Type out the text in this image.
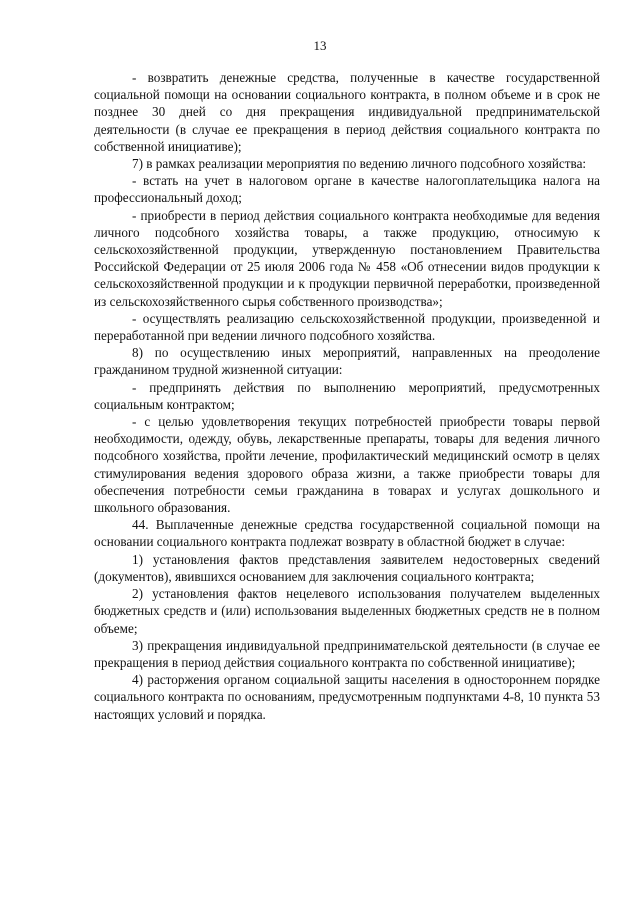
13

- возвратить денежные средства, полученные в качестве государственной социальной помощи на основании социального контракта, в полном объеме и в срок не позднее 30 дней со дня прекращения индивидуальной предпринимательской деятельности (в случае ее прекращения в период действия социального контракта по собственной инициативе);

7) в рамках реализации мероприятия по ведению личного подсобного хозяйства:

- встать на учет в налоговом органе в качестве налогоплательщика налога на профессиональный доход;

- приобрести в период действия социального контракта необходимые для ведения личного подсобного хозяйства товары, а также продукцию, относимую к сельскохозяйственной продукции, утвержденную постановлением Правительства Российской Федерации от 25 июля 2006 года № 458 «Об отнесении видов продукции к сельскохозяйственной продукции и к продукции первичной переработки, произведенной из сельскохозяйственного сырья собственного производства»;

- осуществлять реализацию сельскохозяйственной продукции, произведенной и переработанной при ведении личного подсобного хозяйства.

8) по осуществлению иных мероприятий, направленных на преодоление гражданином трудной жизненной ситуации:

- предпринять действия по выполнению мероприятий, предусмотренных социальным контрактом;

- с целью удовлетворения текущих потребностей приобрести товары первой необходимости, одежду, обувь, лекарственные препараты, товары для ведения личного подсобного хозяйства, пройти лечение, профилактический медицинский осмотр в целях стимулирования ведения здорового образа жизни, а также приобрести товары для обеспечения потребности семьи гражданина в товарах и услугах дошкольного и школьного образования.

44. Выплаченные денежные средства государственной социальной помощи на основании социального контракта подлежат возврату в областной бюджет в случае:

1) установления фактов представления заявителем недостоверных сведений (документов), явившихся основанием для заключения социального контракта;

2) установления фактов нецелевого использования получателем выделенных бюджетных средств и (или) использования выделенных бюджетных средств не в полном объеме;

3) прекращения индивидуальной предпринимательской деятельности (в случае ее прекращения в период действия социального контракта по собственной инициативе);

4) расторжения органом социальной защиты населения в одностороннем порядке социального контракта по основаниям, предусмотренным подпунктами 4-8, 10 пункта 53 настоящих условий и порядка.
